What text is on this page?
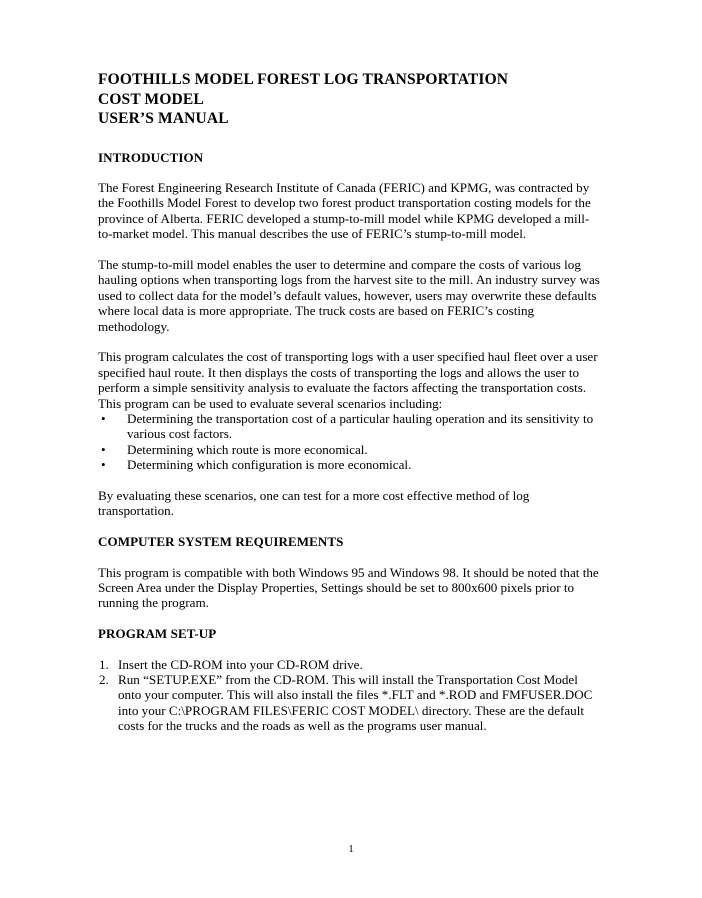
FOOTHILLS MODEL FOREST LOG TRANSPORTATION
COST MODEL
USER’S MANUAL
INTRODUCTION

The Forest Engineering Research Institute of Canada (FERIC) and KPMG, was contracted by the Foothills Model Forest to develop two forest product transportation costing models for the province of Alberta. FERIC developed a stump-to-mill model while KPMG developed a mill-to-market model. This manual describes the use of FERIC’s stump-to-mill model.

The stump-to-mill model enables the user to determine and compare the costs of various log hauling options when transporting logs from the harvest site to the mill. An industry survey was used to collect data for the model’s default values, however, users may overwrite these defaults where local data is more appropriate. The truck costs are based on FERIC’s costing methodology.

This program calculates the cost of transporting logs with a user specified haul fleet over a user specified haul route. It then displays the costs of transporting the logs and allows the user to perform a simple sensitivity analysis to evaluate the factors affecting the transportation costs. This program can be used to evaluate several scenarios including:

• Determining the transportation cost of a particular hauling operation and its sensitivity to various cost factors.
• Determining which route is more economical.
• Determining which configuration is more economical.

By evaluating these scenarios, one can test for a more cost effective method of log transportation.

COMPUTER SYSTEM REQUIREMENTS

This program is compatible with both Windows 95 and Windows 98. It should be noted that the Screen Area under the Display Properties, Settings should be set to 800x600 pixels prior to running the program.

PROGRAM SET-UP
1. Insert the CD-ROM into your CD-ROM drive.
2. Run “SETUP.EXE” from the CD-ROM. This will install the Transportation Cost Model onto your computer. This will also install the files *.FLT and *.ROD and FMFUSER.DOC into your C:\PROGRAM FILES\FERIC COST MODEL\ directory. These are the default costs for the trucks and the roads as well as the programs user manual.
1
